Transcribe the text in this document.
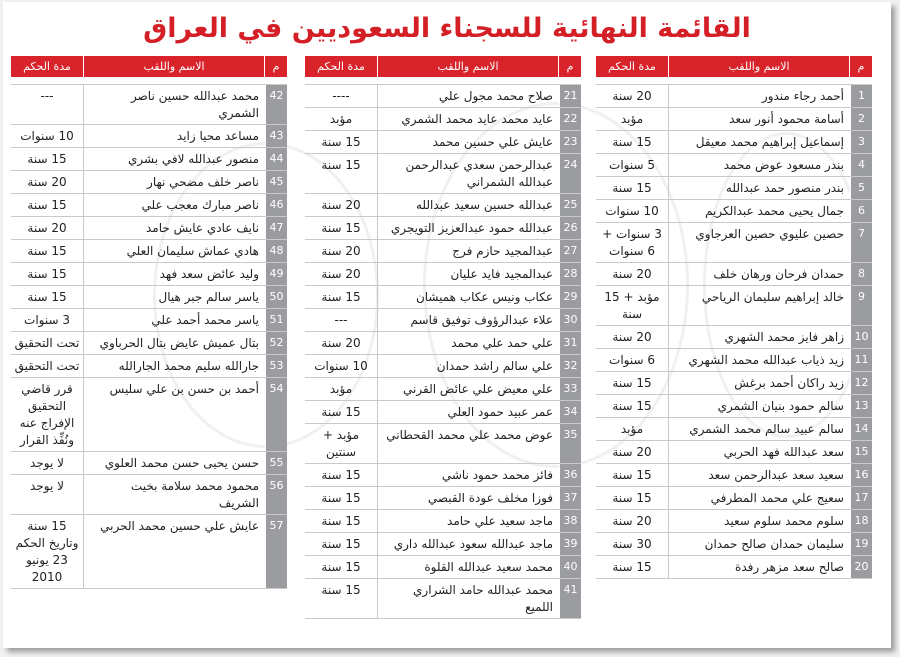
القائمة النهائية للسجناء السعوديين في العراق
م
الاسم واللقب
مدة الحكم
1
أحمد رجاء مندور
20 سنة
2
أسامة محمود أنور سعد
مؤبد
3
إسماعيل إبراهيم محمد معيقل
15 سنة
4
بندر مسعود عوض محمد
5 سنوات
5
بندر منصور حمد عبدالله
15 سنة
6
جمال يحيى محمد عبدالكريم
10 سنوات
7
حصين عليوي حصين العرجاوي
3 سنوات + 6 سنوات
8
حمدان فرحان ورهان خلف
20 سنة
9
خالد إبراهيم سليمان الرياحي
مؤبد + 15 سنة
10
زاهر فايز محمد الشهري
20 سنة
11
زيد ذياب عبدالله محمد الشهري
6 سنوات
12
زيد راكان أحمد برغش
15 سنة
13
سالم حمود بنيان الشمري
15 سنة
14
سالم عبيد سالم محمد الشمري
مؤبد
15
سعد عبدالله فهد الحربي
20 سنة
16
سعيد سعد عبدالرحمن سعد
15 سنة
17
سعيج علي محمد المطرفي
15 سنة
18
سلوم محمد سلوم سعيد
20 سنة
19
سليمان حمدان صالح حمدان
30 سنة
20
صالح سعد مزهر رفدة
15 سنة
م
الاسم واللقب
مدة الحكم
21
صلاح محمد مجول علي
----
22
عايد محمد عايد محمد الشمري
مؤبد
23
عايش علي حسين محمد
15 سنة
24
عبدالرحمن سعدي عبدالرحمن عبدالله الشمراني
15 سنة
25
عبدالله حسين سعيد عبدالله
20 سنة
26
عبدالله حمود عبدالعزيز التويجري
15 سنة
27
عبدالمجيد حازم فرج
20 سنة
28
عبدالمجيد فايد عليان
20 سنة
29
عكاب ونيس عكاب هميشان
15 سنة
30
علاء عبدالرؤوف توفيق قاسم
---
31
علي حمد علي محمد
20 سنة
32
علي سالم راشد حمدان
10 سنوات
33
علي معيض علي عائض القرني
مؤبد
34
عمر عبيد حمود العلي
15 سنة
35
عوض محمد علي محمد القحطاني
مؤبد + سنتين
36
فائز محمد حمود ناشي
15 سنة
37
فوزا مخلف عودة القبصي
15 سنة
38
ماجد سعيد علي حامد
15 سنة
39
ماجد عبدالله سعود عبدالله داري
15 سنة
40
محمد سعيد عبدالله القلوة
15 سنة
41
محمد عبدالله حامد الشراري اللميع
15 سنة
م
الاسم واللقب
مدة الحكم
42
محمد عبدالله حسين ناصر الشمري
---
43
مساعد محيا زايد
10 سنوات
44
منصور عبدالله لافي بشري
15 سنة
45
ناصر خلف مضحي نهار
20 سنة
46
ناصر مبارك معجب علي
15 سنة
47
نايف عادي عايش حامد
20 سنة
48
هادي عماش سليمان العلي
15 سنة
49
وليد عائض سعد فهد
15 سنة
50
ياسر سالم جبر هيال
15 سنة
51
ياسر محمد أحمد علي
3 سنوات
52
بتال عميش عايض بتال الحرباوي
تحت التحقيق
53
جارالله سليم محمد الجارالله
تحت التحقيق
54
أحمد بن حسن بن علي سليس
قرر قاضي التحقيق الإفراج عنه ونُفِّذ القرار
55
حسن يحيى حسن محمد العلوي
لا يوجد
56
محمود محمد سلامة بخيت الشريف
لا يوجد
57
عايش علي حسين محمد الحربي
15 سنة وتاريخ الحكم 23 يونيو 2010
